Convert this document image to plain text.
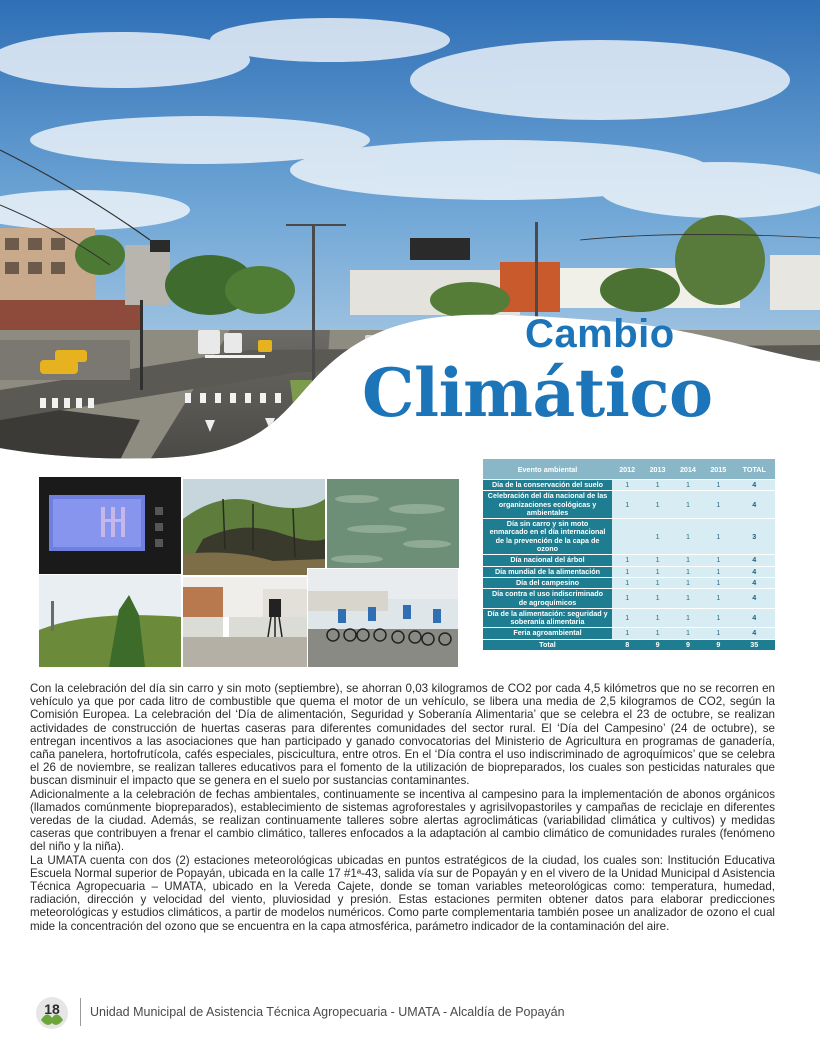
Cambio
Climático
Evento ambiental	2012	2013	2014	2015	TOTAL
Día de la conservación del suelo	1	1	1	1	4
Celebración del día nacional de las organizaciones ecológicas y ambientales	1	1	1	1	4
Día sin carro y sin moto enmarcado en el día internacional de la prevención de la capa de ozono		1	1	1	3
Día nacional del árbol	1	1	1	1	4
Día mundial de la alimentación	1	1	1	1	4
Día del campesino	1	1	1	1	4
Día contra el uso indiscriminado de agroquímicos	1	1	1	1	4
Día de la alimentación: seguridad y soberanía alimentaria	1	1	1	1	4
Feria agroambiental	1	1	1	1	4
Total	8	9	9	9	35

Con la celebración del día sin carro y sin moto (septiembre), se ahorran 0,03 kilogramos de CO2 por cada 4,5 kilómetros que no se recorren en vehículo ya que por cada litro de combustible que quema el motor de un vehículo, se libera una media de 2,5 kilogramos de CO2, según la Comisión Europea. La celebración del ‘Día de alimentación, Seguridad y Soberanía Alimentaria’ que se celebra el 23 de octubre, se realizan actividades de construcción de huertas caseras para diferentes comunidades del sector rural. El ‘Día del Campesino’ (24 de octubre), se entregan incentivos a las asociaciones que han participado y ganado convocatorias del Ministerio de Agricultura en programas de ganadería, caña panelera, hortofrutícola, cafés especiales, piscicultura, entre otros. En el ‘Día contra el uso indiscriminado de agroquímicos’ que se celebra el 26 de noviembre, se realizan talleres educativos para el fomento de la utilización de biopreparados, los cuales son pesticidas naturales que buscan disminuir el impacto que se genera en el suelo por sustancias contaminantes.

Adicionalmente a la celebración de fechas ambientales, continuamente se incentiva al campesino para la implementación de abonos orgánicos (llamados comúnmente biopreparados), establecimiento de sistemas agroforestales y agrisilvopastoriles y campañas de reciclaje en diferentes veredas de la ciudad. Además, se realizan continuamente talleres sobre alertas agroclimáticas (variabilidad climática y cultivos) y medidas caseras que contribuyen a frenar el cambio climático, talleres enfocados a la adaptación al cambio climático de comunidades rurales (fenómeno del niño y la niña).

La UMATA cuenta con dos (2) estaciones meteorológicas ubicadas en puntos estratégicos de la ciudad, los cuales son: Institución Educativa Escuela Normal superior de Popayán, ubicada en la calle 17 #1ª-43, salida vía sur de Popayán y en el vivero de la Unidad Municipal d Asistencia Técnica Agropecuaria – UMATA, ubicado en la Vereda Cajete, donde se toman variables meteorológicas como: temperatura, humedad, radiación, dirección y velocidad del viento, pluviosidad y presión. Estas estaciones permiten obtener datos para elaborar predicciones meteorológicas y estudios climáticos, a partir de modelos numéricos. Como parte complementaria también posee un analizador de ozono el cual mide la concentración del ozono que se encuentra en la capa atmosférica, parámetro indicador de la contaminación del aire.

18 Unidad Municipal de Asistencia Técnica Agropecuaria - UMATA - Alcaldía de Popayán
